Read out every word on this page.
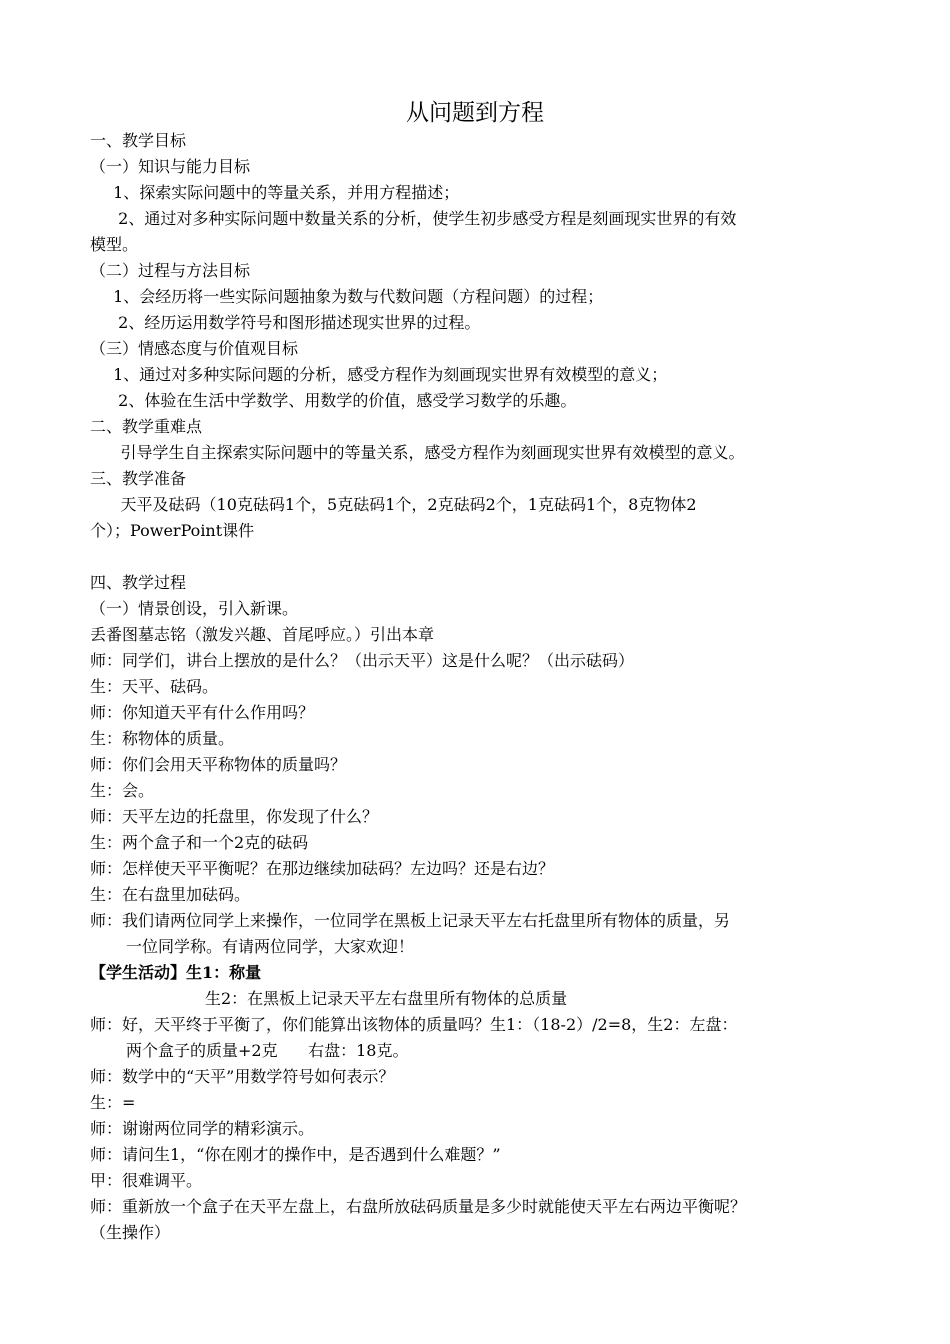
从问题到方程
一、教学目标
（一）知识与能力目标
1、探索实际问题中的等量关系，并用方程描述；
2、通过对多种实际问题中数量关系的分析，使学生初步感受方程是刻画现实世界的有效
模型。
（二）过程与方法目标
1、会经历将一些实际问题抽象为数与代数问题（方程问题）的过程；
2、经历运用数学符号和图形描述现实世界的过程。
（三）情感态度与价值观目标
1、通过对多种实际问题的分析，感受方程作为刻画现实世界有效模型的意义；
2、体验在生活中学数学、用数学的价值，感受学习数学的乐趣。
二、教学重难点
引导学生自主探索实际问题中的等量关系，感受方程作为刻画现实世界有效模型的意义。
三、教学准备
天平及砝码（10克砝码1个，5克砝码1个，2克砝码2个，1克砝码1个，8克物体2
个）；PowerPoint课件
四、教学过程
（一）情景创设，引入新课。
丢番图墓志铭（激发兴趣、首尾呼应。）引出本章
师：同学们，讲台上摆放的是什么？（出示天平）这是什么呢？（出示砝码）
生：天平、砝码。
师：你知道天平有什么作用吗？
生：称物体的质量。
师：你们会用天平称物体的质量吗？
生：会。
师：天平左边的托盘里，你发现了什么？
生：两个盒子和一个2克的砝码
师：怎样使天平平衡呢？在那边继续加砝码？左边吗？还是右边？
生：在右盘里加砝码。
师：我们请两位同学上来操作，一位同学在黑板上记录天平左右托盘里所有物体的质量，另
一位同学称。有请两位同学，大家欢迎！
【学生活动】生1：称量
生2：在黑板上记录天平左右盘里所有物体的总质量
师：好，天平终于平衡了，你们能算出该物体的质量吗？生1：（18-2）/2=8，生2：左盘：
两个盒子的质量+2克      右盘：18克。
师：数学中的“天平”用数学符号如何表示？
生：=
师：谢谢两位同学的精彩演示。
师：请问生1，“你在刚才的操作中，是否遇到什么难题？”
甲：很难调平。
师：重新放一个盒子在天平左盘上，右盘所放砝码质量是多少时就能使天平左右两边平衡呢？
（生操作）
